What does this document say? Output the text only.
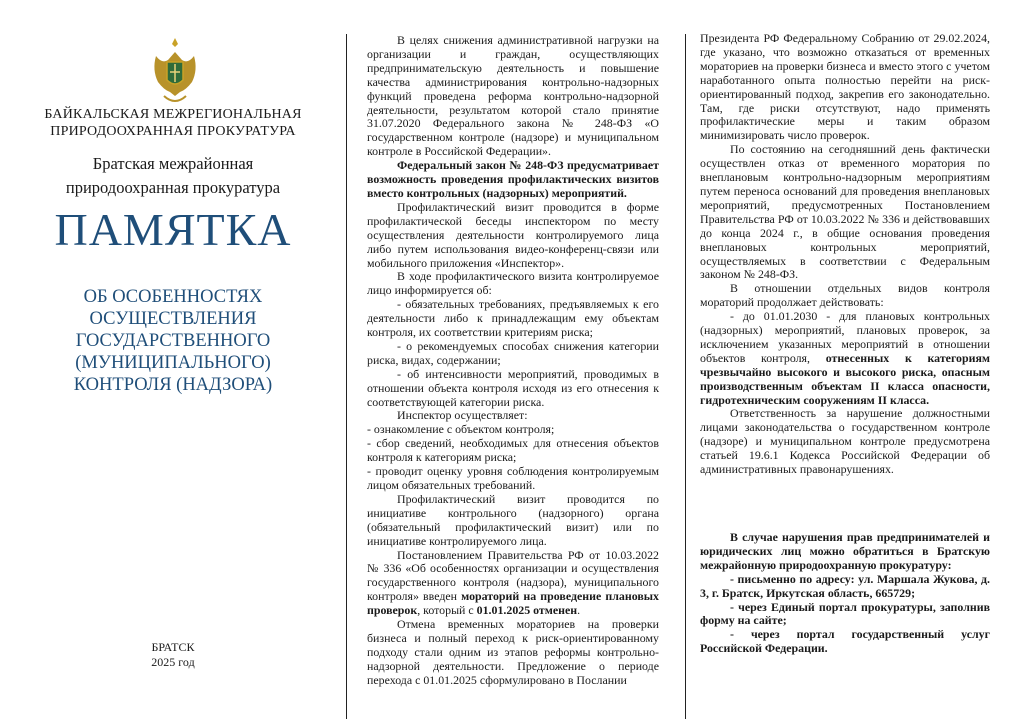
БАЙКАЛЬСКАЯ МЕЖРЕГИОНАЛЬНАЯ ПРИРОДООХРАННАЯ ПРОКУРАТУРА
Братская межрайонная природоохранная прокуратура
ПАМЯТКА
ОБ ОСОБЕННОСТЯХ ОСУЩЕСТВЛЕНИЯ ГОСУДАРСТВЕННОГО (МУНИЦИПАЛЬНОГО) КОНТРОЛЯ (НАДЗОРА)
БРАТСК
2025 год

В целях снижения административной нагрузки на организации и граждан, осуществляющих предпринимательскую деятельность и повышение качества администрирования контрольно-надзорных функций проведена реформа контрольно-надзорной деятельности, результатом которой стало принятие 31.07.2020 Федерального закона № 248-ФЗ «О государственном контроле (надзоре) и муниципальном контроле в Российской Федерации».

Федеральный закон № 248-ФЗ предусматривает возможность проведения профилактических визитов вместо контрольных (надзорных) мероприятий.

Профилактический визит проводится в форме профилактической беседы инспектором по месту осуществления деятельности контролируемого лица либо путем использования видео-конференц-связи или мобильного приложения «Инспектор».

В ходе профилактического визита контролируемое лицо информируется об:

- обязательных требованиях, предъявляемых к его деятельности либо к принадлежащим ему объектам контроля, их соответствии критериям риска;

- о рекомендуемых способах снижения категории риска, видах, содержании;

- об интенсивности мероприятий, проводимых в отношении объекта контроля исходя из его отнесения к соответствующей категории риска.

Инспектор осуществляет:

- ознакомление с объектом контроля;

- сбор сведений, необходимых для отнесения объектов контроля к категориям риска;

- проводит оценку уровня соблюдения контролируемым лицом обязательных требований.

Профилактический визит проводится по инициативе контрольного (надзорного) органа (обязательный профилактический визит) или по инициативе контролируемого лица.

Постановлением Правительства РФ от 10.03.2022 № 336 «Об особенностях организации и осуществления государственного контроля (надзора), муниципального контроля» введен мораторий на проведение плановых проверок, который с 01.01.2025 отменен.

Отмена временных мораториев на проверки бизнеса и полный переход к риск-ориентированному подходу стали одним из этапов реформы контрольно-надзорной деятельности. Предложение о периоде перехода с 01.01.2025 сформулировано в Послании

Президента РФ Федеральному Собранию от 29.02.2024, где указано, что возможно отказаться от временных мораториев на проверки бизнеса и вместо этого с учетом наработанного опыта полностью перейти на риск-ориентированный подход, закрепив его законодательно. Там, где риски отсутствуют, надо применять профилактические меры и таким образом минимизировать число проверок.

По состоянию на сегодняшний день фактически осуществлен отказ от временного моратория по внеплановым контрольно-надзорным мероприятиям путем переноса оснований для проведения внеплановых мероприятий, предусмотренных Постановлением Правительства РФ от 10.03.2022 № 336 и действовавших до конца 2024 г., в общие основания проведения внеплановых контрольных мероприятий, осуществляемых в соответствии с Федеральным законом № 248-ФЗ.

В отношении отдельных видов контроля мораторий продолжает действовать:

- до 01.01.2030 - для плановых контрольных (надзорных) мероприятий, плановых проверок, за исключением указанных мероприятий в отношении объектов контроля, отнесенных к категориям чрезвычайно высокого и высокого риска, опасным производственным объектам II класса опасности, гидротехническим сооружениям II класса.

Ответственность за нарушение должностными лицами законодательства о государственном контроле (надзоре) и муниципальном контроле предусмотрена статьей 19.6.1 Кодекса Российской Федерации об административных правонарушениях.

В случае нарушения прав предпринимателей и юридических лиц можно обратиться в Братскую межрайонную природоохранную прокуратуру:

- письменно по адресу: ул. Маршала Жукова, д. 3, г. Братск, Иркутская область, 665729;

- через Единый портал прокуратуры, заполнив форму на сайте;

- через портал государственный услуг Российской Федерации.
